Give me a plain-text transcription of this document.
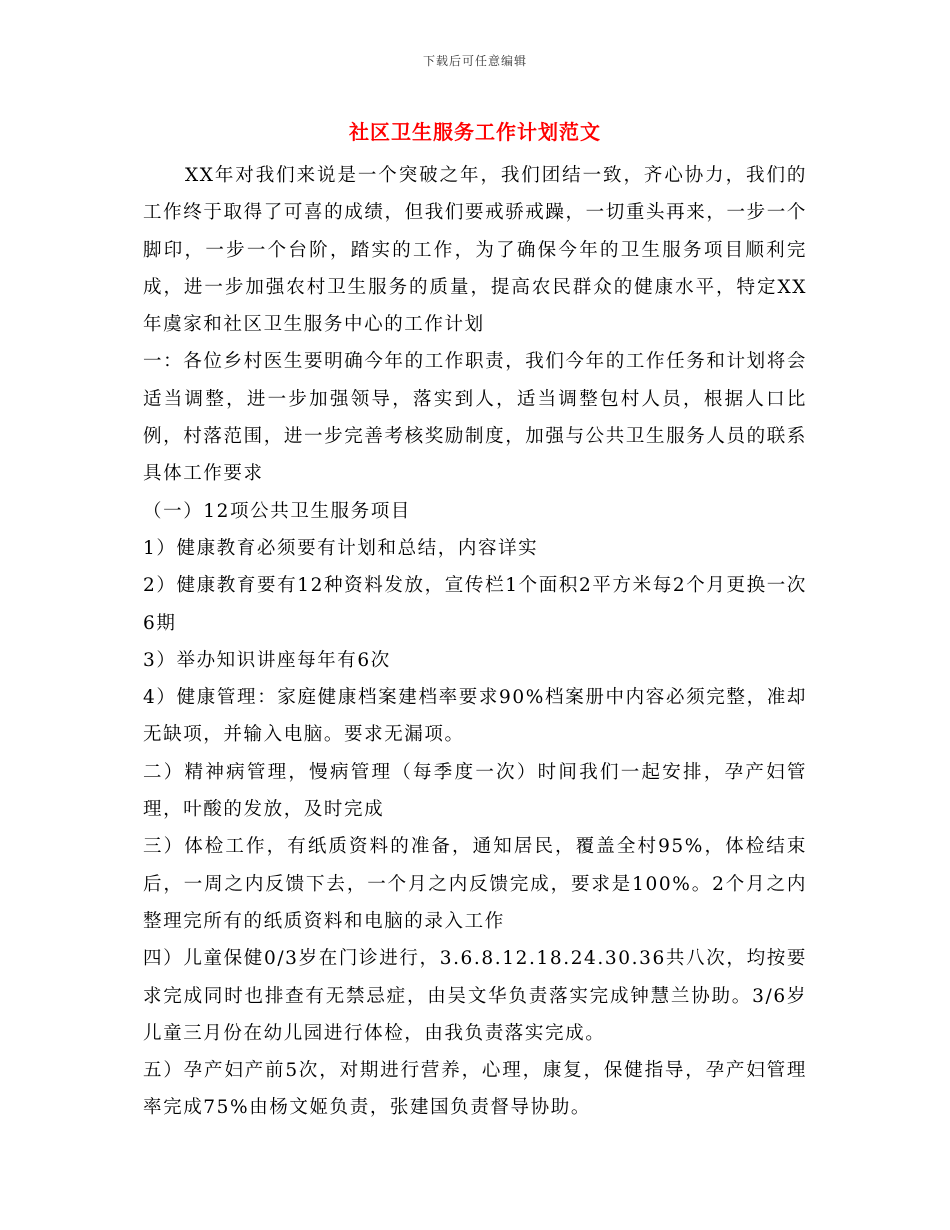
下载后可任意编辑
社区卫生服务工作计划范文

XX年对我们来说是一个突破之年，我们团结一致，齐心协力，我们的工作终于取得了可喜的成绩，但我们要戒骄戒躁，一切重头再来，一步一个脚印，一步一个台阶，踏实的工作，为了确保今年的卫生服务项目顺利完成，进一步加强农村卫生服务的质量，提高农民群众的健康水平，特定XX年虞家和社区卫生服务中心的工作计划

一：各位乡村医生要明确今年的工作职责，我们今年的工作任务和计划将会适当调整，进一步加强领导，落实到人，适当调整包村人员，根据人口比例，村落范围，进一步完善考核奖励制度，加强与公共卫生服务人员的联系具体工作要求

（一）12项公共卫生服务项目

1）健康教育必须要有计划和总结，内容详实

2）健康教育要有12种资料发放，宣传栏1个面积2平方米每2个月更换一次6期

3）举办知识讲座每年有6次

4）健康管理：家庭健康档案建档率要求90%档案册中内容必须完整，准却无缺项，并输入电脑。要求无漏项。

二）精神病管理，慢病管理（每季度一次）时间我们一起安排，孕产妇管理，叶酸的发放，及时完成

三）体检工作，有纸质资料的准备，通知居民，覆盖全村95%，体检结束后，一周之内反馈下去，一个月之内反馈完成，要求是100%。2个月之内整理完所有的纸质资料和电脑的录入工作

四）儿童保健0/3岁在门诊进行，3.6.8.12.18.24.30.36共八次，均按要求完成同时也排查有无禁忌症，由吴文华负责落实完成钟慧兰协助。3/6岁儿童三月份在幼儿园进行体检，由我负责落实完成。

五）孕产妇产前5次，对期进行营养，心理，康复，保健指导，孕产妇管理率完成75%由杨文姬负责，张建国负责督导协助。
